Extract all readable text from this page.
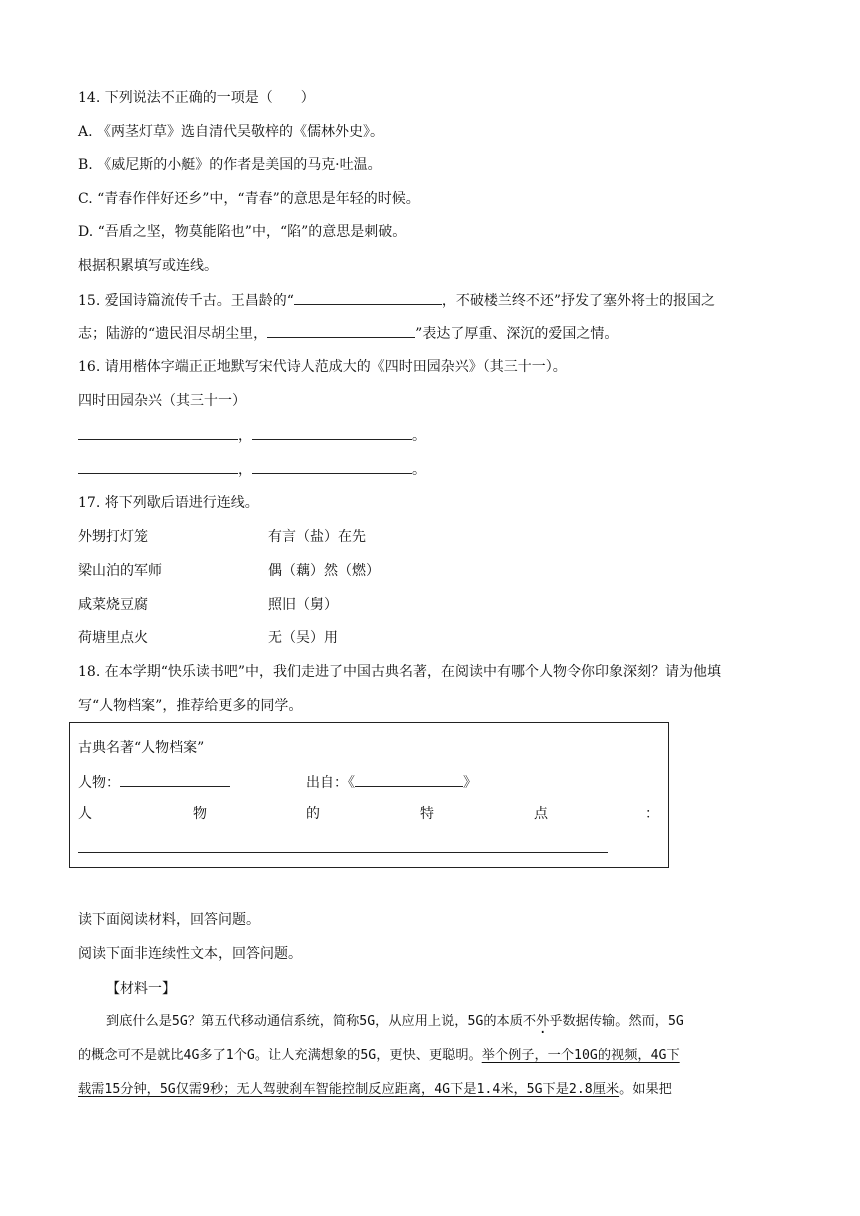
14. 下列说法不正确的一项是（　　）
A. 《两茎灯草》选自清代吴敬梓的《儒林外史》。
B. 《威尼斯的小艇》的作者是美国的马克·吐温。
C. “青春作伴好还乡”中，“青春”的意思是年轻的时候。
D. “吾盾之坚，物莫能陷也”中，“陷”的意思是刺破。
根据积累填写或连线。
15. 爱国诗篇流传千古。王昌龄的“	，不破楼兰终不还”抒发了塞外将士的报国之
志；陆游的“遗民泪尽胡尘里，	”表达了厚重、深沉的爱国之情。
16. 请用楷体字端正正地默写宋代诗人范成大的《四时田园杂兴》（其三十一）。
四时田园杂兴（其三十一）
，	。
，	。
17. 将下列歇后语进行连线。
外甥打灯笼	有言（盐）在先
梁山泊的军师	偶（藕）然（燃）
咸菜烧豆腐	照旧（舅）
荷塘里点火	无（吴）用
18. 在本学期“快乐读书吧”中，我们走进了中国古典名著，在阅读中有哪个人物令你印象深刻？请为他填
写“人物档案”，推荐给更多的同学。
古典名著“人物档案”
人物：	出自：《	》
人	物	的	特	点	：
读下面阅读材料，回答问题。
阅读下面非连续性文本，回答问题。
【材料一】
到底什么是5G？第五代移动通信系统，简称5G，从应用上说，5G的本质不外乎数据传输。然而，5G
的概念可不是就比4G多了1个G。让人充满想象的5G，更快、更聪明。举个例子，一个10G的视频，4G下
载需15分钟，5G仅需9秒；无人驾驶刹车智能控制反应距离，4G下是1.4米，5G下是2.8厘米。如果把
